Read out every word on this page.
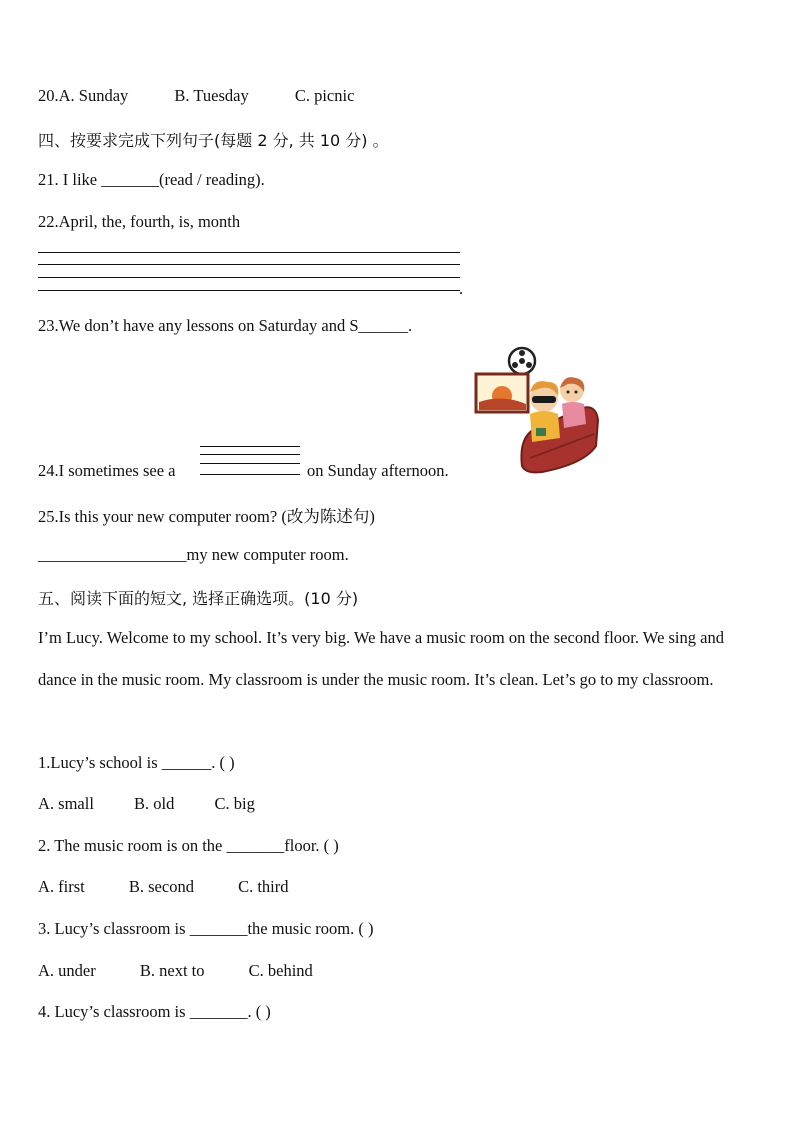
20.A. Sunday	B. Tuesday	C. picnic
四、按要求完成下列句子(每题 2 分, 共 10 分) 。
21. I like _______(read / reading).
22.April, the, fourth, is, month
.
23.We don’t have any lessons on Saturday and S______.
24.I sometimes see a	on Sunday afternoon.
25.Is this your new computer room? (改为陈述句)
__________________my new computer room.
五、阅读下面的短文, 选择正确选项。(10 分)
I’m Lucy. Welcome to my school. It’s very big. We have a music room on the second floor. We sing and dance in the music room. My classroom is under the music room. It’s clean. Let’s go to my classroom.
1.Lucy’s school is ______. ( )
A. small B. old C. big
2. The music room is on the _______floor. ( )
A. first	B. second	C. third
3. Lucy’s classroom is _______the music room. ( )
A. under	B. next to	C. behind
4. Lucy’s classroom is _______. ( )
